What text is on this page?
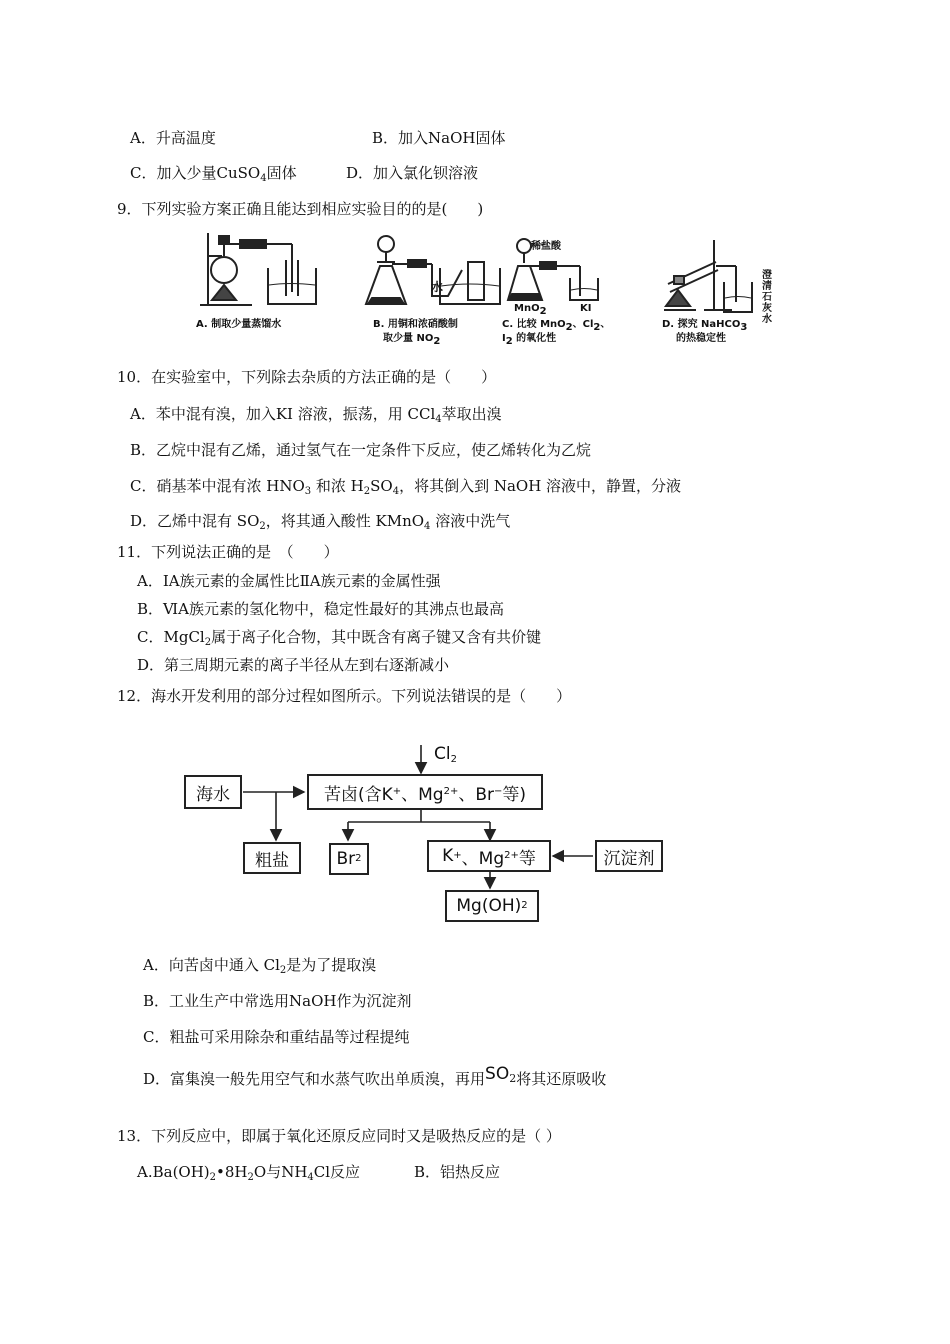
A．升高温度	B．加入NaOH固体
C．加入少量CuSO$_4$固体	D．加入氯化钡溶液
9．下列实验方案正确且能达到相应实验目的的是(　　)
水
稀盐酸
MnO$_2$	KI
澄清石灰水
A. 制取少量蒸馏水	B. 用铜和浓硝酸制
取少量 $NO_2$
C. 比较 MnO$_2$、$Cl_2$、
$I_2$ 的氧化性
D. 探究 NaHCO$_3$
的热稳定性
10．在实验室中，下列除去杂质的方法正确的是（　　）
A．苯中混有溴，加入KI 溶液，振荡，用 CCl$_4$萃取出溴
B．乙烷中混有乙烯，通过氢气在一定条件下反应，使乙烯转化为乙烷
C．硝基苯中混有浓 $HNO_3$ 和浓 $H_2SO_4$，将其倒入到 NaOH 溶液中，静置，分液
D．乙烯中混有 $SO_2$，将其通入酸性 KMnO$_4$ 溶液中洗气
11．下列说法正确的是　（　　）
A．ⅠA族元素的金属性比ⅡA族元素的金属性强
B．ⅥA族元素的氢化物中，稳定性最好的其沸点也最高
C．MgCl$_2$属于离子化合物，其中既含有离子键又含有共价键
D．第三周期元素的离子半径从左到右逐渐减小
12．海水开发利用的部分过程如图所示。下列说法错误的是（　　）
$Cl_2$
海水	苦卤(含K + 、Mg 2+ 、Br − 等)
粗盐	Br 2	K + 、Mg 2+ 等	沉淀剂
Mg(OH) 2
A．向苦卤中通入 $Cl_2$是为了提取溴
B．工业生产中常选用NaOH作为沉淀剂
C．粗盐可采用除杂和重结晶等过程提纯
D．富集溴一般先用空气和水蒸气吹出单质溴，再用$SO_2$将其还原吸收
13．下列反应中，即属于氧化还原反应同时又是吸热反应的是（ ）
$A.Ba(OH)_2•8H_2O$与$NH_4Cl$反应	B．铝热反应
